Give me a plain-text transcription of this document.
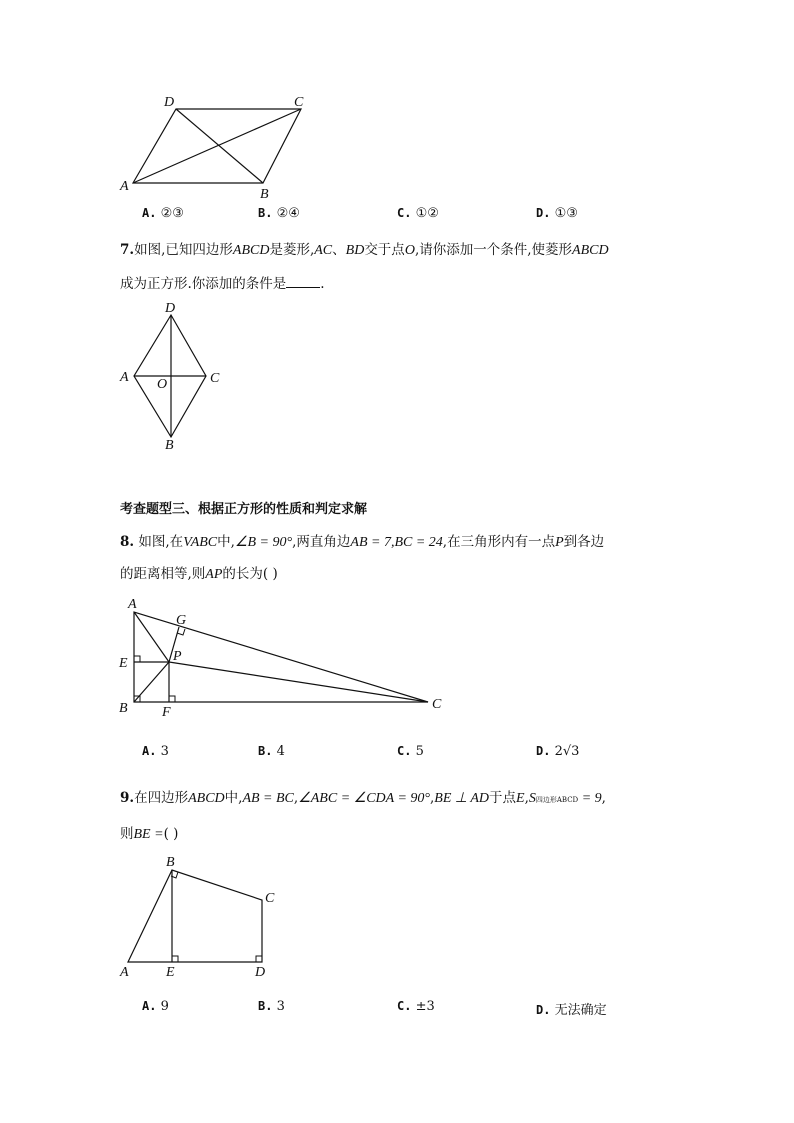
A
B
C
D
A. ②③	B. ②④	C. ①②	D. ①③
7.如图,已知四边形ABCD是菱形,AC、BD交于点O,请你添加一个条件,使菱形ABCD
成为正方形.你添加的条件是	.
D
A O	C
B
考查题型三、根据正方形的性质和判定求解
8. 如图,在VABC中,∠B = 90°,两直角边AB = 7,BC = 24,在三角形内有一点P到各边
的距离相等,则AP的长为( )
A
G
E	P
B F
C
A. 3	B. 4	C. 5	D. 2√3
9.在四边形ABCD中,AB = BC,∠ABC = ∠CDA = 90°,BE ⊥ AD于点E,S四边形ABCD = 9,
则BE =( )
B
C
A	E	D
A. 9	B. 3	C. ±3	D. 无法确定
